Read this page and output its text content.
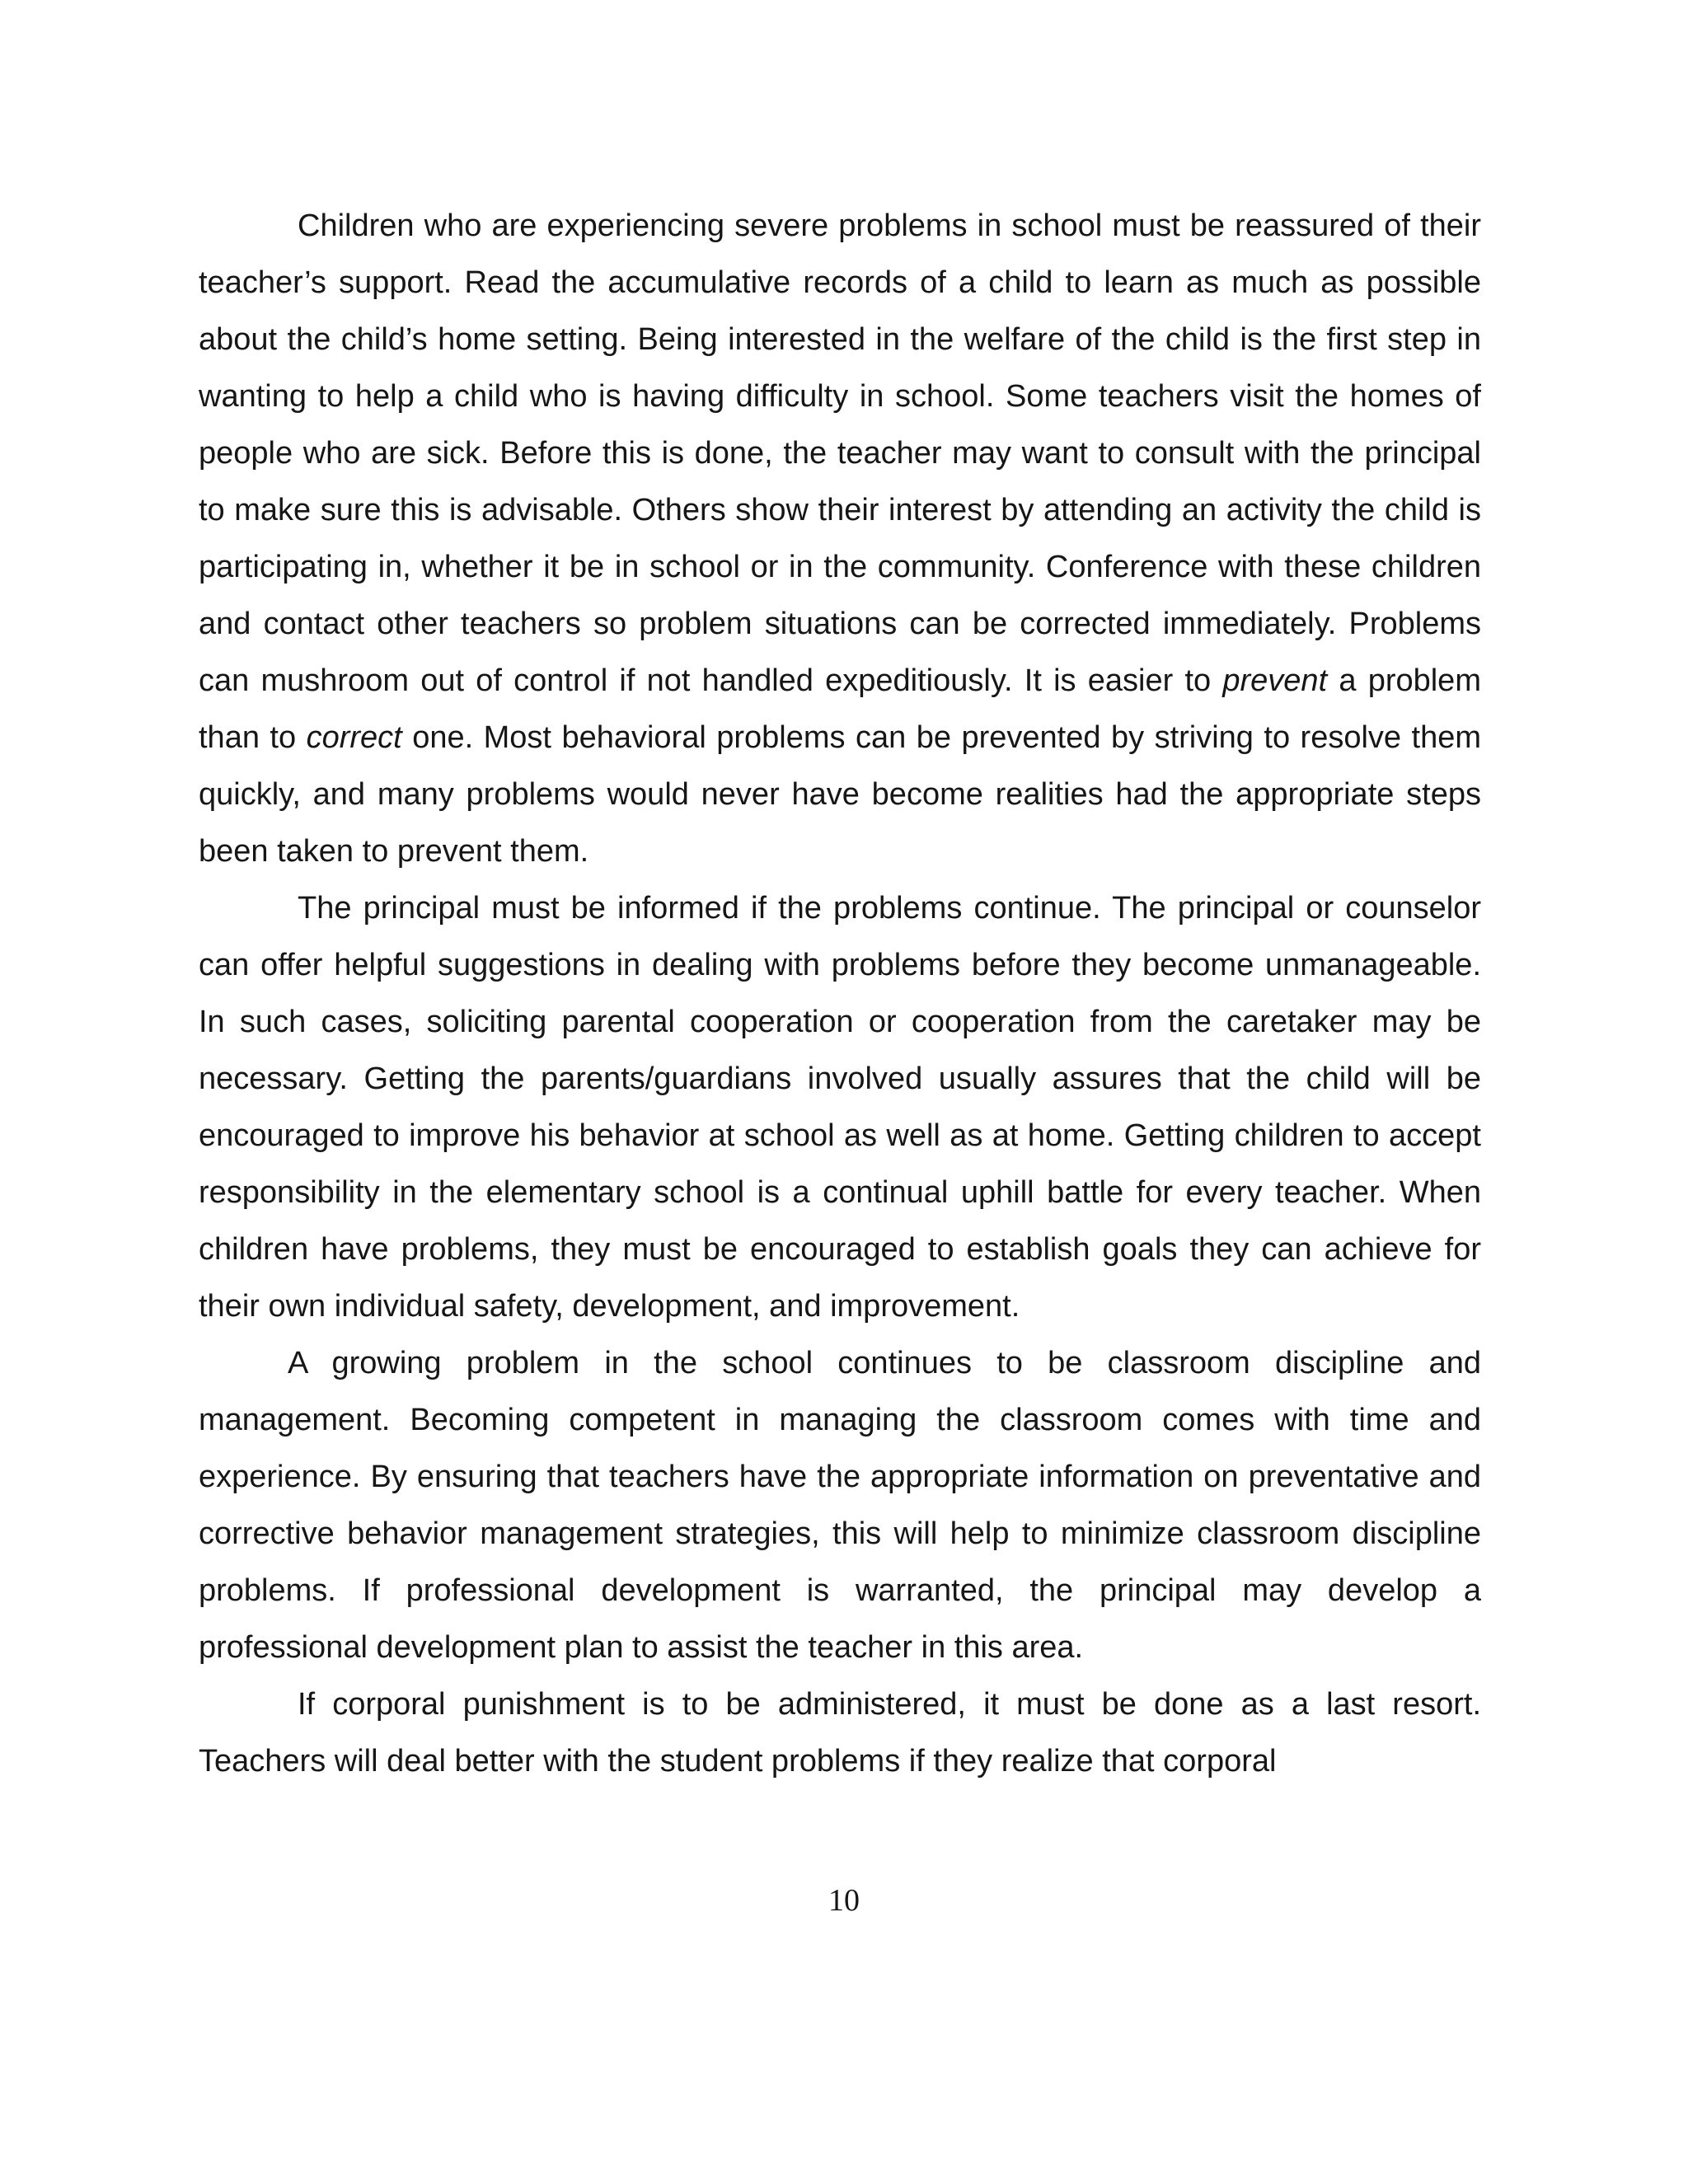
Children who are experiencing severe problems in school must be reassured of their teacher’s support. Read the accumulative records of a child to learn as much as possible about the child’s home setting. Being interested in the welfare of the child is the first step in wanting to help a child who is having difficulty in school. Some teachers visit the homes of people who are sick. Before this is done, the teacher may want to consult with the principal to make sure this is advisable. Others show their interest by attending an activity the child is participating in, whether it be in school or in the community. Conference with these children and contact other teachers so problem situations can be corrected immediately. Problems can mushroom out of control if not handled expeditiously. It is easier to prevent a problem than to correct one. Most behavioral problems can be prevented by striving to resolve them quickly, and many problems would never have become realities had the appropriate steps been taken to prevent them.

The principal must be informed if the problems continue. The principal or counselor can offer helpful suggestions in dealing with problems before they become unmanageable. In such cases, soliciting parental cooperation or cooperation from the caretaker may be necessary. Getting the parents/guardians involved usually assures that the child will be encouraged to improve his behavior at school as well as at home. Getting children to accept responsibility in the elementary school is a continual uphill battle for every teacher. When children have problems, they must be encouraged to establish goals they can achieve for their own individual safety, development, and improvement.

A growing problem in the school continues to be classroom discipline and management. Becoming competent in managing the classroom comes with time and experience. By ensuring that teachers have the appropriate information on preventative and corrective behavior management strategies, this will help to minimize classroom discipline problems. If professional development is warranted, the principal may develop a professional development plan to assist the teacher in this area.

If corporal punishment is to be administered, it must be done as a last resort. Teachers will deal better with the student problems if they realize that corporal

10
